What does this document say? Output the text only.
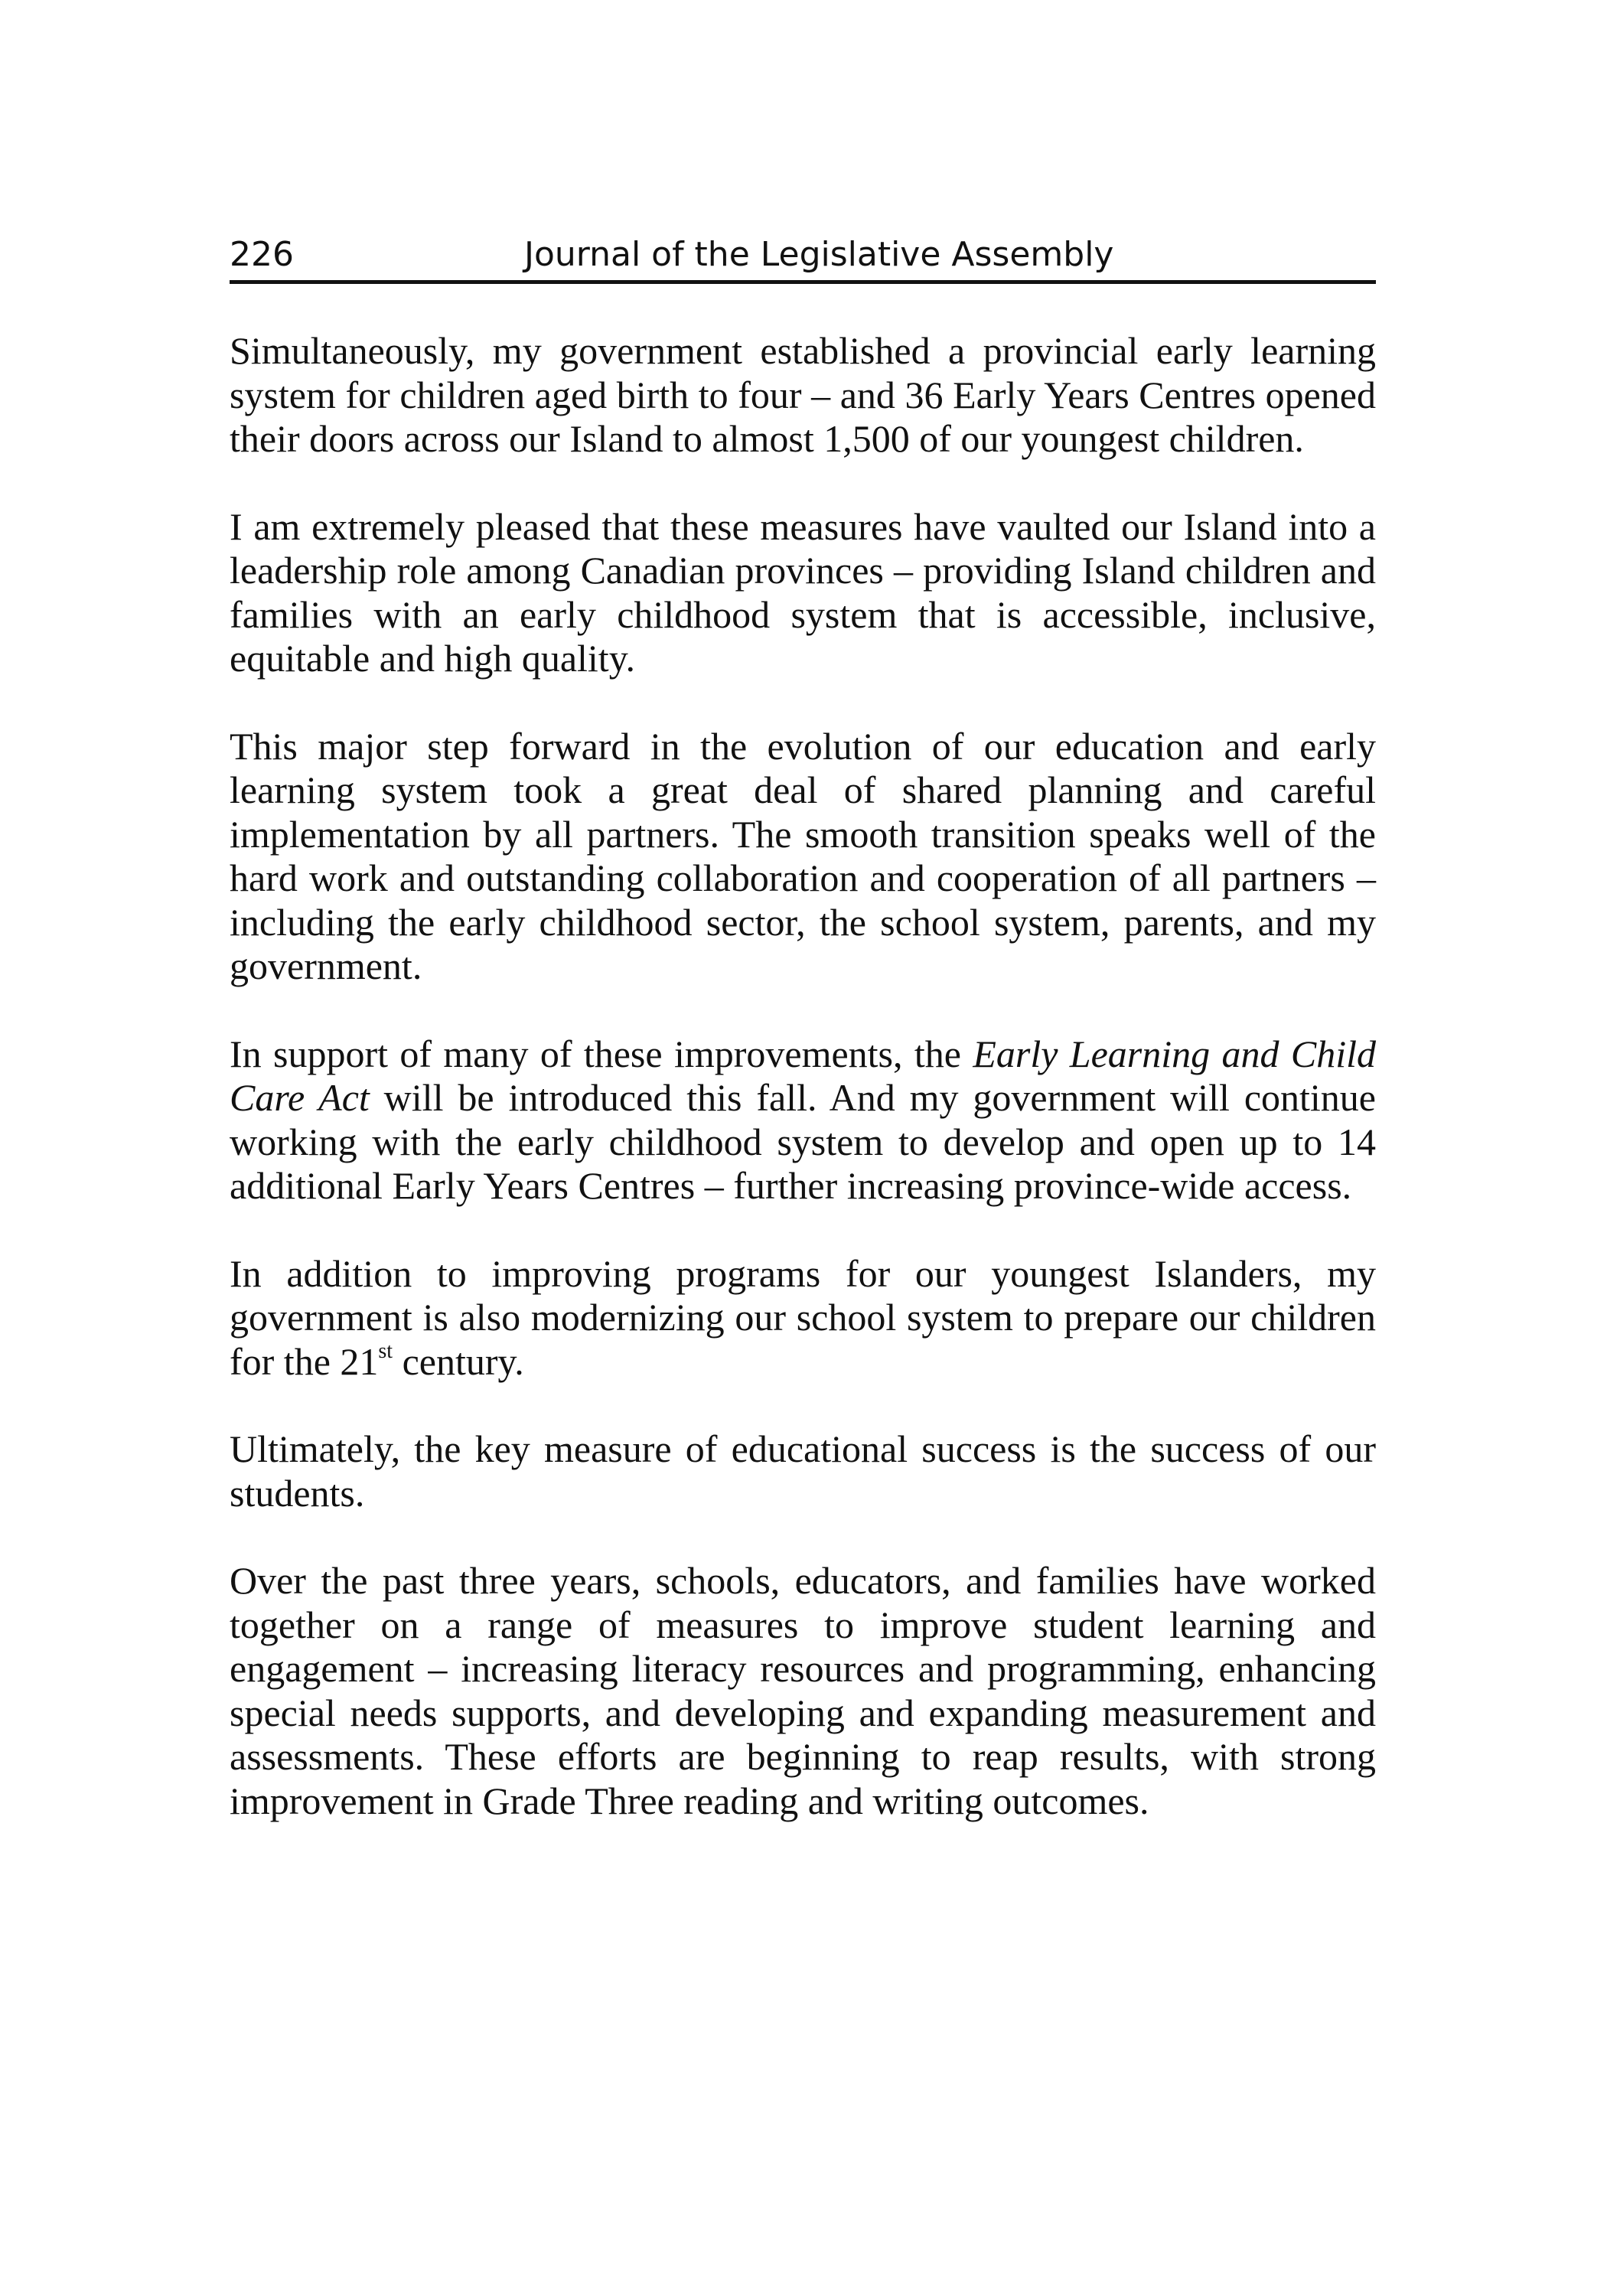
226	Journal of the Legislative Assembly

Simultaneously, my government established a provincial early learning system for children aged birth to four – and 36 Early Years Centres opened their doors across our Island to almost 1,500 of our youngest children.

I am extremely pleased that these measures have vaulted our Island into a leadership role among Canadian provinces – providing Island children and families with an early childhood system that is accessible, inclusive, equitable and high quality.

This major step forward in the evolution of our education and early learning system took a great deal of shared planning and careful implementation by all partners. The smooth transition speaks well of the hard work and outstanding collaboration and cooperation of all partners – including the early childhood sector, the school system, parents, and my government.

In support of many of these improvements, the Early Learning and Child Care Act will be introduced this fall. And my government will continue working with the early childhood system to develop and open up to 14 additional Early Years Centres – further increasing province-wide access.

In addition to improving programs for our youngest Islanders, my government is also modernizing our school system to prepare our children for the 21st century.

Ultimately, the key measure of educational success is the success of our students.

Over the past three years, schools, educators, and families have worked together on a range of measures to improve student learning and engagement – increasing literacy resources and programming, enhancing special needs supports, and developing and expanding measurement and assessments. These efforts are beginning to reap results, with strong improvement in Grade Three reading and writing outcomes.
